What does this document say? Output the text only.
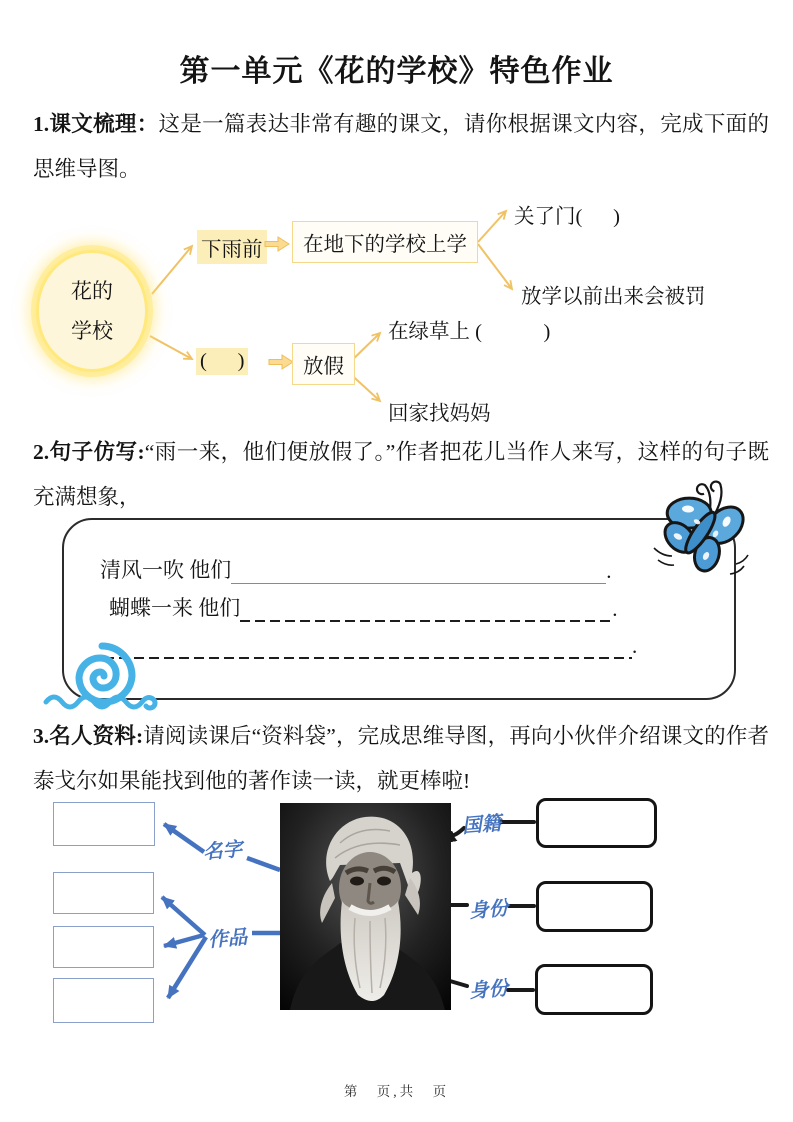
第一单元《花的学校》特色作业
1.课文梳理：这是一篇表达非常有趣的课文，请你根据课文内容，完成下面的思维导图。
花的
学校
下雨前	在地下的学校上学
关了门(      )
放学以前出来会被罚
(      )	放假
在绿草上 (            )
回家找妈妈
2.句子仿写:“雨一来，他们便放假了。”作者把花儿当作人来写，这样的句子既充满想象，
清风一吹 他们	.
蝴蝶一来 他们	.
.
3.名人资料:请阅读课后“资料袋”，完成思维导图，再向小伙伴介绍课文的作者泰戈尔如果能找到他的著作读一读，就更棒啦!
名字
作品
国籍
身份
身份
第　页,共　页
